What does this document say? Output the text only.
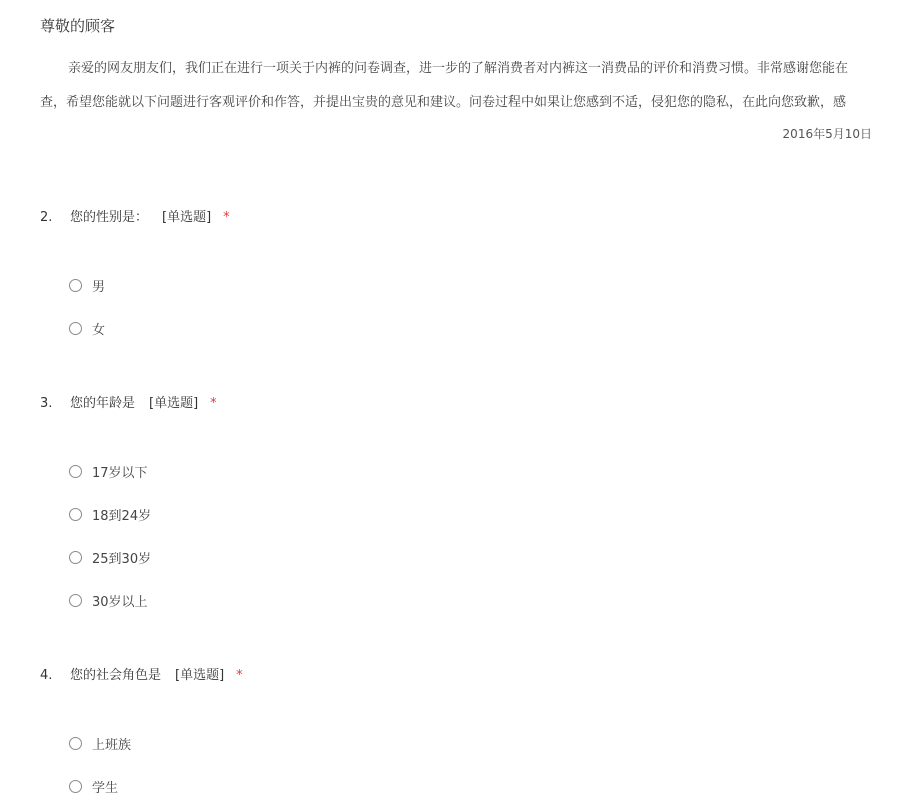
尊敬的顾客
亲爱的网友朋友们，我们正在进行一项关于内裤的问卷调查，进一步的了解消费者对内裤这一消费品的评价和消费习惯。非常感谢您能在
查，希望您能就以下问题进行客观评价和作答，并提出宝贵的意见和建议。问卷过程中如果让您感到不适，侵犯您的隐私，在此向您致歉，感
2016年5月10日
2. 您的性别是： [单选题] *
男
女
3. 您的年龄是 [单选题] *
17岁以下
18到24岁
25到30岁
30岁以上
4. 您的社会角色是 [单选题] *
上班族
学生
